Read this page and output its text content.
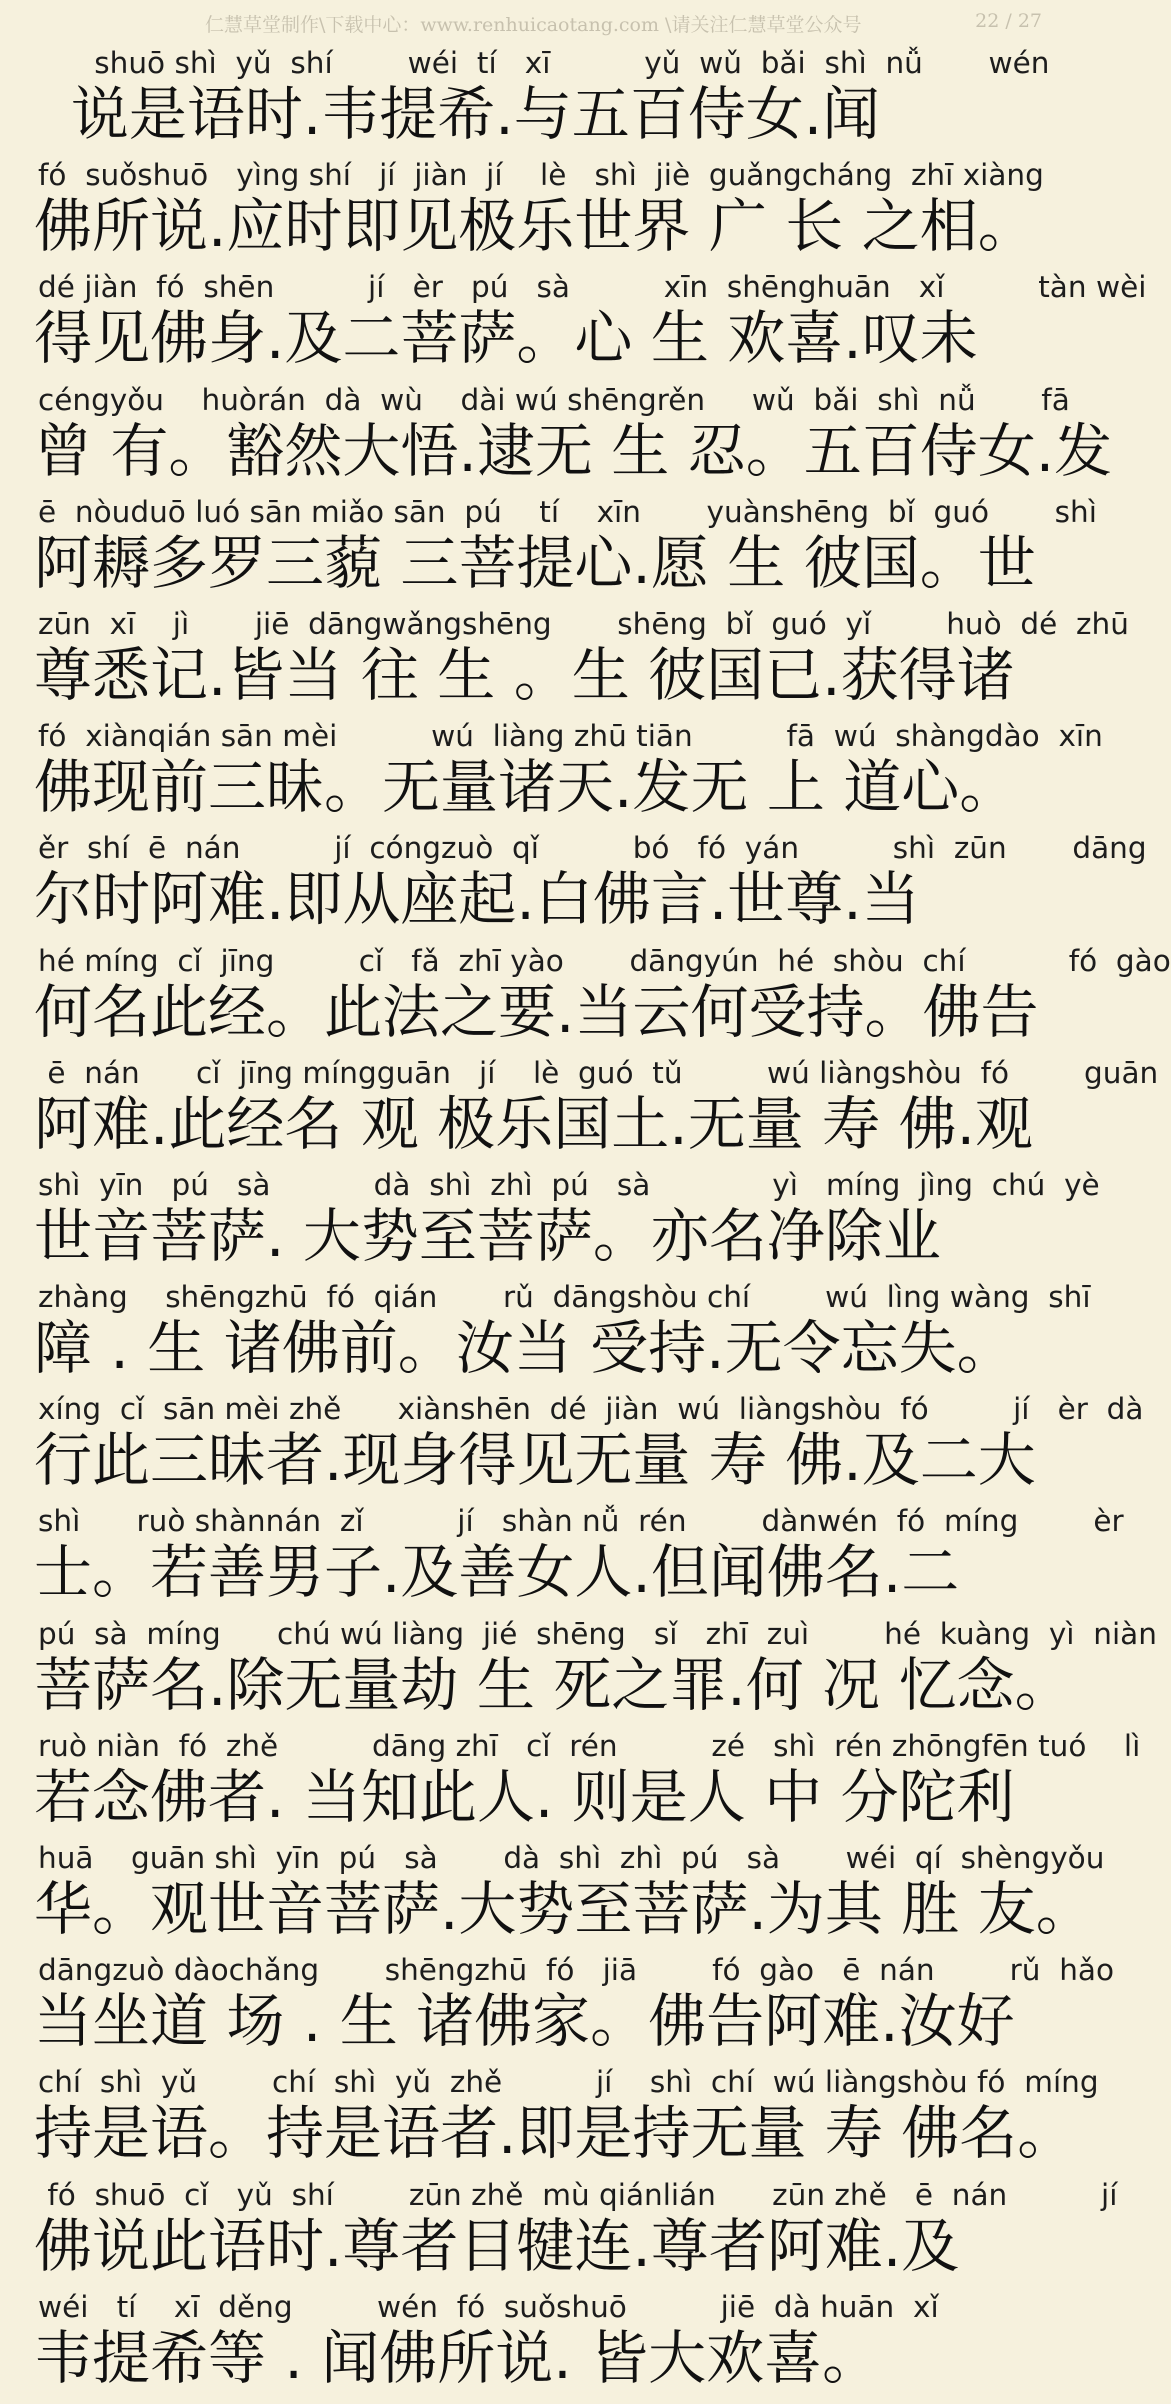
仁慧草堂制作\下载中心：www.renhuicaotang.com \请关注仁慧草堂公众号	22 / 27
shuō shì  yǔ  shí        wéi  tí   xī          yǔ  wǔ  bǎi  shì  nǚ       wén
说是语时.韦提希.与五百侍女.闻
fó  suǒshuō   yìng shí   jí  jiàn  jí    lè   shì  jiè  guǎngcháng  zhī xiàng
佛所说.应时即见极乐世界 广 长 之相。
dé jiàn  fó  shēn          jí   èr   pú   sà          xīn  shēnghuān   xǐ          tàn wèi
得见佛身.及二菩萨。心 生 欢喜.叹未
céngyǒu    huòrán  dà  wù    dài wú shēngrěn     wǔ  bǎi  shì  nǚ       fā
曾 有。豁然大悟.逮无 生 忍。五百侍女.发
ē  nòuduō luó sān miǎo sān  pú    tí    xīn       yuànshēng  bǐ  guó       shì
阿耨多罗三藐 三菩提心.愿 生 彼国。世
zūn  xī    jì       jiē  dāngwǎngshēng       shēng  bǐ  guó  yǐ        huò  dé  zhū
尊悉记.皆当 往 生 。生 彼国已.获得诸
fó  xiànqián sān mèi          wú  liàng zhū tiān          fā  wú  shàngdào  xīn
佛现前三昧。无量诸天.发无 上 道心。
ěr  shí  ē  nán          jí  cóngzuò  qǐ          bó   fó  yán          shì  zūn       dāng
尔时阿难.即从座起.白佛言.世尊.当
hé míng  cǐ  jīng         cǐ   fǎ  zhī yào       dāngyún  hé  shòu  chí           fó  gào
何名此经。此法之要.当云何受持。佛告
ē  nán      cǐ  jīng míngguān   jí    lè  guó  tǔ         wú liàngshòu  fó        guān
阿难.此经名 观 极乐国土.无量 寿 佛.观
shì  yīn   pú   sà           dà  shì  zhì  pú   sà             yì   míng  jìng  chú  yè
世音菩萨. 大势至菩萨。亦名净除业
zhàng    shēngzhū  fó  qián       rǔ  dāngshòu chí        wú  lìng wàng  shī
障 . 生 诸佛前。汝当 受持.无令忘失。
xíng  cǐ  sān mèi zhě      xiànshēn  dé  jiàn  wú  liàngshòu  fó         jí   èr  dà
行此三昧者.现身得见无量 寿 佛.及二大
shì      ruò shànnán  zǐ          jí   shàn nǚ  rén        dànwén  fó  míng        èr
士。若善男子.及善女人.但闻佛名.二
pú  sà  míng      chú wú liàng  jié  shēng   sǐ   zhī  zuì        hé  kuàng  yì  niàn
菩萨名.除无量劫 生 死之罪.何 况 忆念。
ruò niàn  fó  zhě          dāng zhī   cǐ  rén          zé   shì  rén zhōngfēn tuó    lì
若念佛者. 当知此人. 则是人 中 分陀利
huā    guān shì  yīn  pú   sà       dà  shì  zhì  pú   sà       wéi  qí  shèngyǒu
华。观世音菩萨.大势至菩萨.为其 胜 友。
dāngzuò dàochǎng       shēngzhū  fó   jiā        fó  gào   ē  nán        rǔ  hǎo
当坐道 场 . 生 诸佛家。佛告阿难.汝好
chí  shì  yǔ        chí  shì  yǔ  zhě          jí    shì  chí  wú liàngshòu fó  míng
持是语。持是语者.即是持无量 寿 佛名。
fó  shuō  cǐ   yǔ  shí        zūn zhě  mù qiánlián      zūn zhě   ē  nán          jí
佛说此语时.尊者目犍连.尊者阿难.及
wéi   tí    xī  děng         wén  fó  suǒshuō          jiē  dà huān  xǐ
韦提希等 . 闻佛所说. 皆大欢喜。
